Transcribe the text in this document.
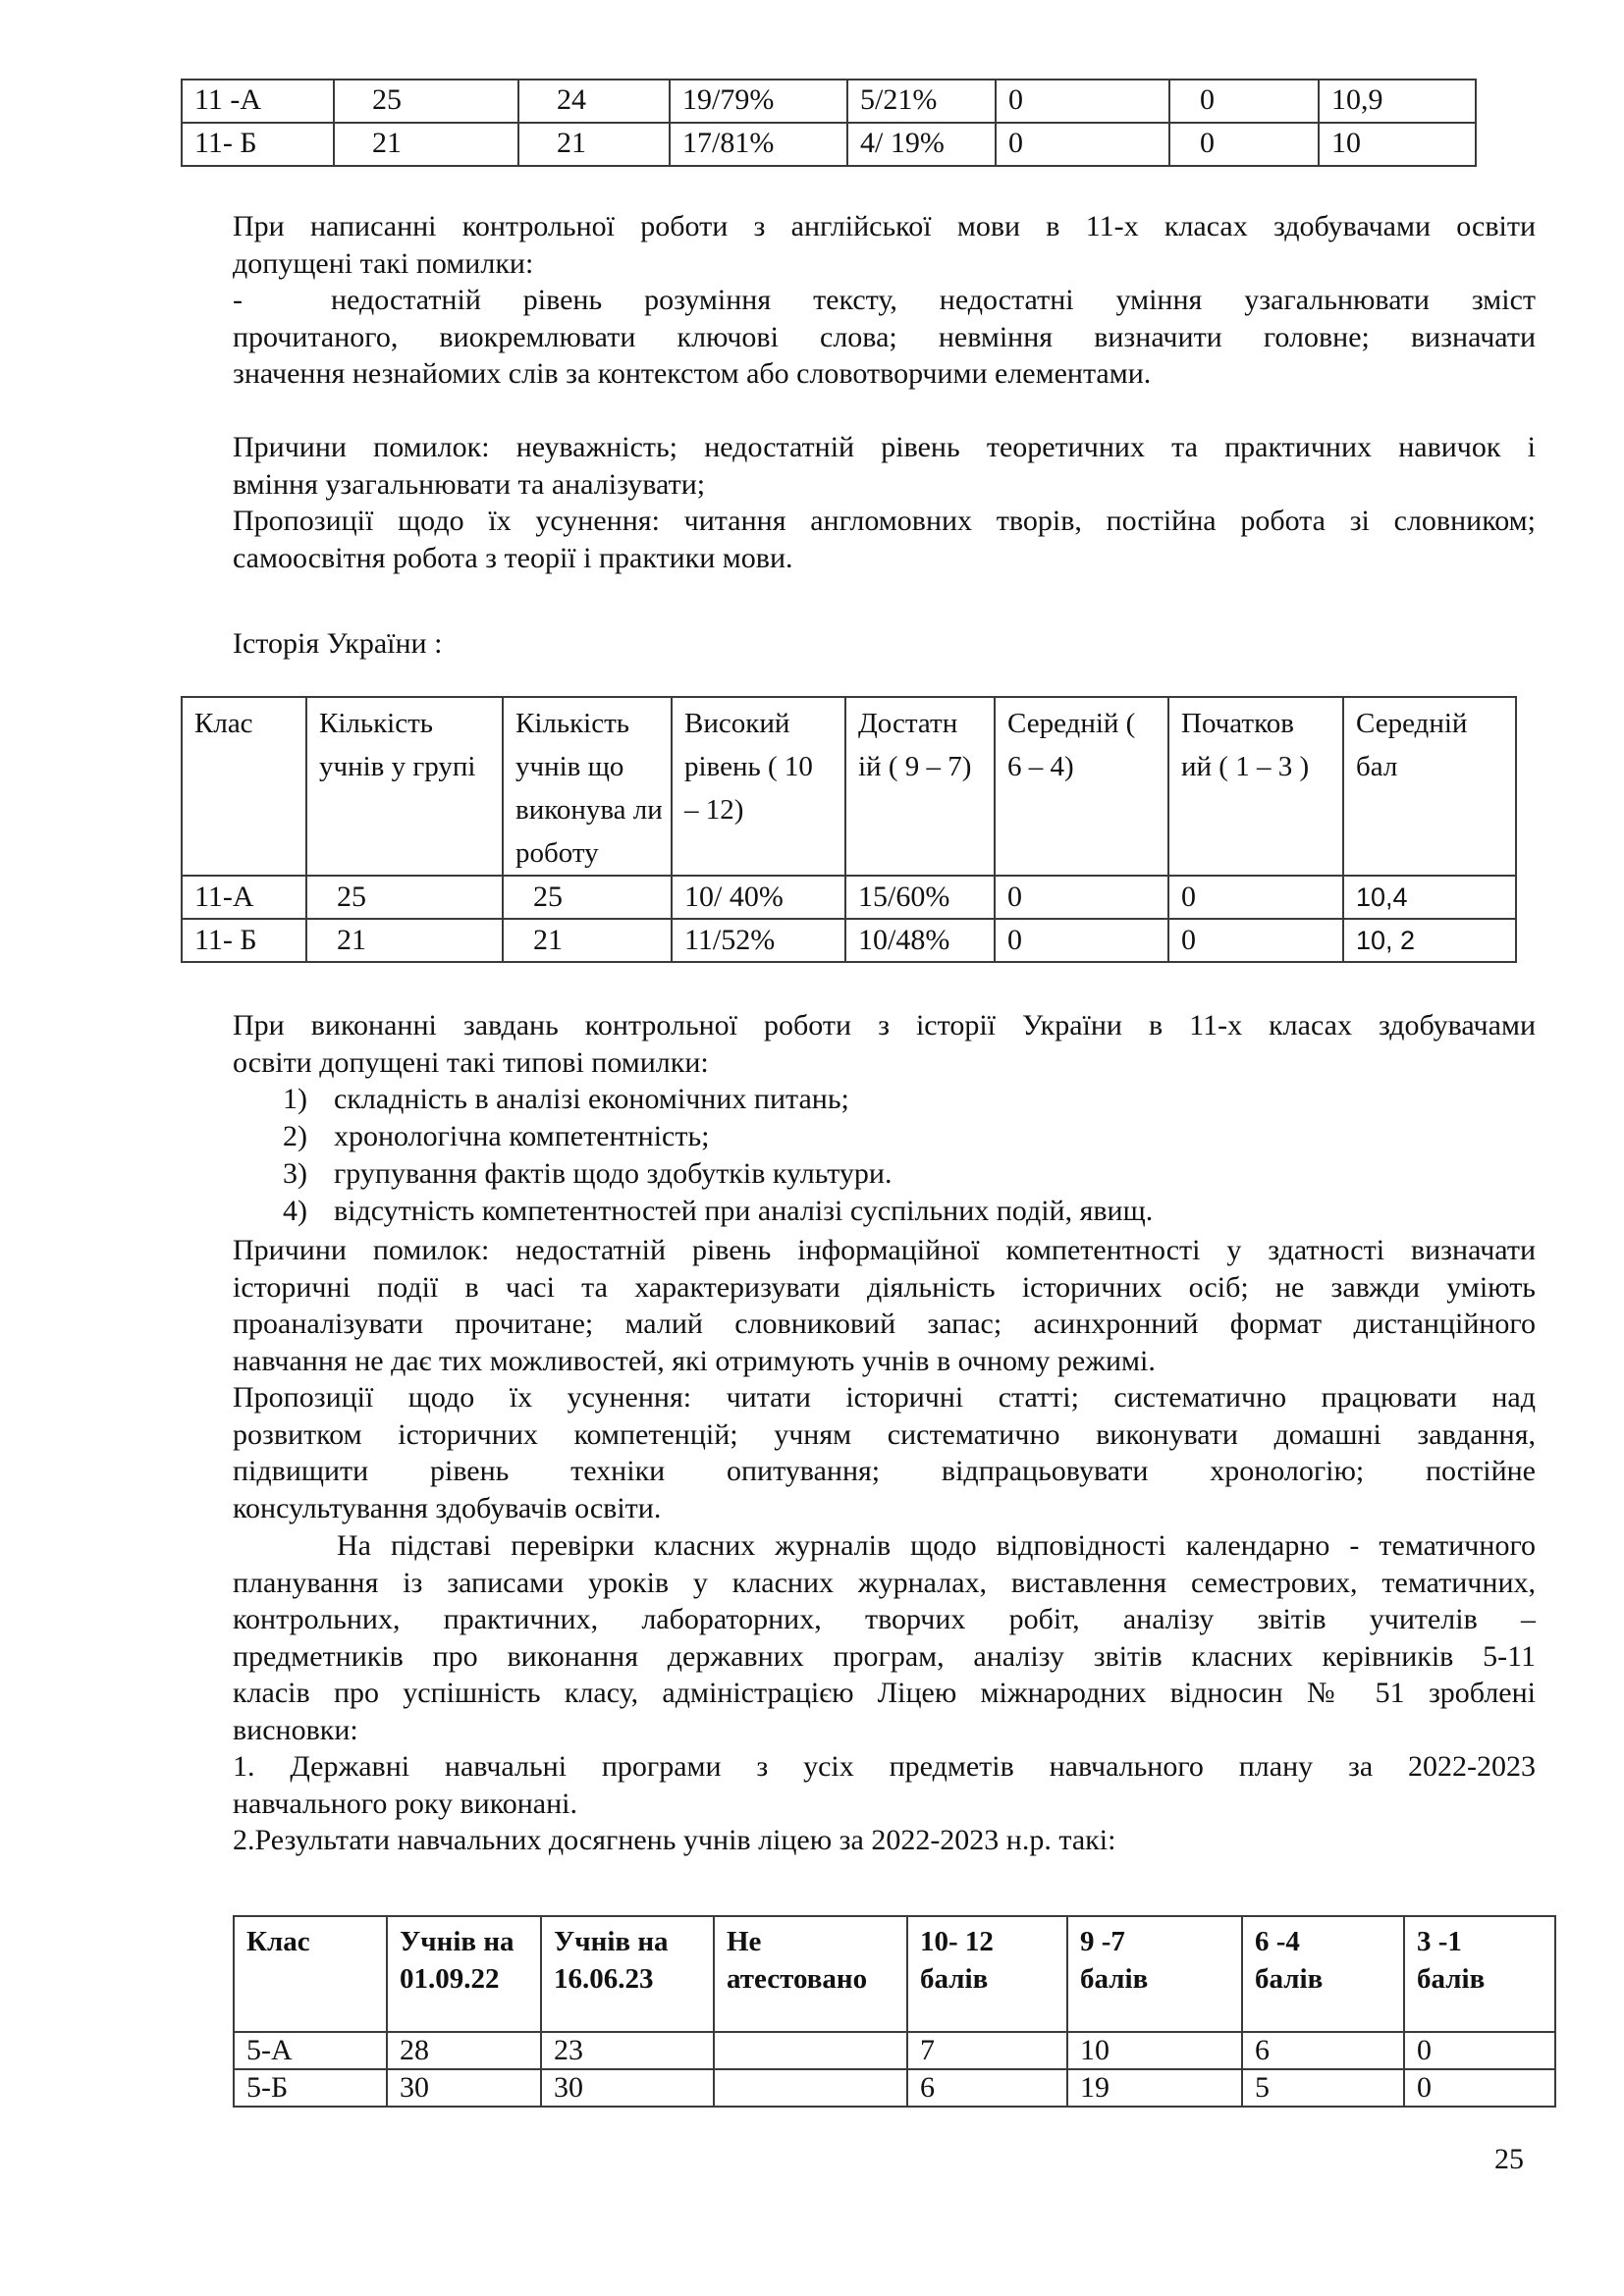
11 -А	25	24	19/79%	5/21%	0	0	10,9
11- Б	21	21	17/81%	4/ 19%	0	0	10
При написанні контрольної роботи з англійської мови в 11-х класах здобувачами освіти
допущені такі помилки:
-	недостатній рівень розуміння тексту, недостатні уміння узагальнювати зміст
прочитаного, виокремлювати ключові слова; невміння визначити головне; визначати
значення незнайомих слів за контекстом або словотворчими елементами.
Причини помилок: неуважність; недостатній рівень теоретичних та практичних навичок і
вміння узагальнювати та аналізувати;
Пропозиції щодо їх усунення: читання англомовних творів, постійна робота зі словником;
самоосвітня робота з теорії і практики мови.
Історія України :
Клас	Кількість учнів у групі	Кількість учнів що виконува ли роботу	Високий рівень ( 10 – 12)	Достатн ій ( 9 – 7)	Середній ( 6 – 4)	Початков ий ( 1 – 3 )	Середній бал
11-А	25	25	10/ 40%	15/60%	0	0	10,4
11- Б	21	21	11/52%	10/48%	0	0	10, 2
При виконанні завдань контрольної роботи з історії України в 11-х класах здобувачами
освіти допущені такі типові помилки:
1) складність в аналізі економічних питань;
2) хронологічна компетентність;
3) групування фактів щодо здобутків культури.
4) відсутність компетентностей при аналізі суспільних подій, явищ.
Причини помилок: недостатній рівень інформаційної компетентності у здатності визначати
історичні події в часі та характеризувати діяльність історичних осіб; не завжди уміють
проаналізувати прочитане; малий словниковий запас; асинхронний формат дистанційного
навчання не дає тих можливостей, які отримують учнів в очному режимі.
Пропозиції щодо їх усунення: читати історичні статті; систематично працювати над
розвитком історичних компетенцій; учням систематично виконувати домашні завдання,
підвищити рівень техніки опитування; відпрацьовувати хронологію; постійне
консультування здобувачів освіти.
На підставі перевірки класних журналів щодо відповідності календарно - тематичного
планування із записами уроків у класних журналах, виставлення семестрових, тематичних,
контрольних, практичних, лабораторних, творчих робіт, аналізу звітів учителів –
предметників про виконання державних програм, аналізу звітів класних керівників 5-11
класів про успішність класу, адміністрацією Ліцею міжнародних відносин № 51 зроблені
висновки:
1. Державні навчальні програми з усіх предметів навчального плану за 2022-2023
навчального року виконані.
2.Результати навчальних досягнень учнів ліцею за 2022-2023 н.р. такі:
Клас	Учнів на 01.09.22	Учнів на 16.06.23	Не атестовано	10- 12 балів	9 -7 балів	6 -4 балів	3 -1 балів
5-А	28	23		7	10	6	0
5-Б	30	30		6	19	5	0
25
